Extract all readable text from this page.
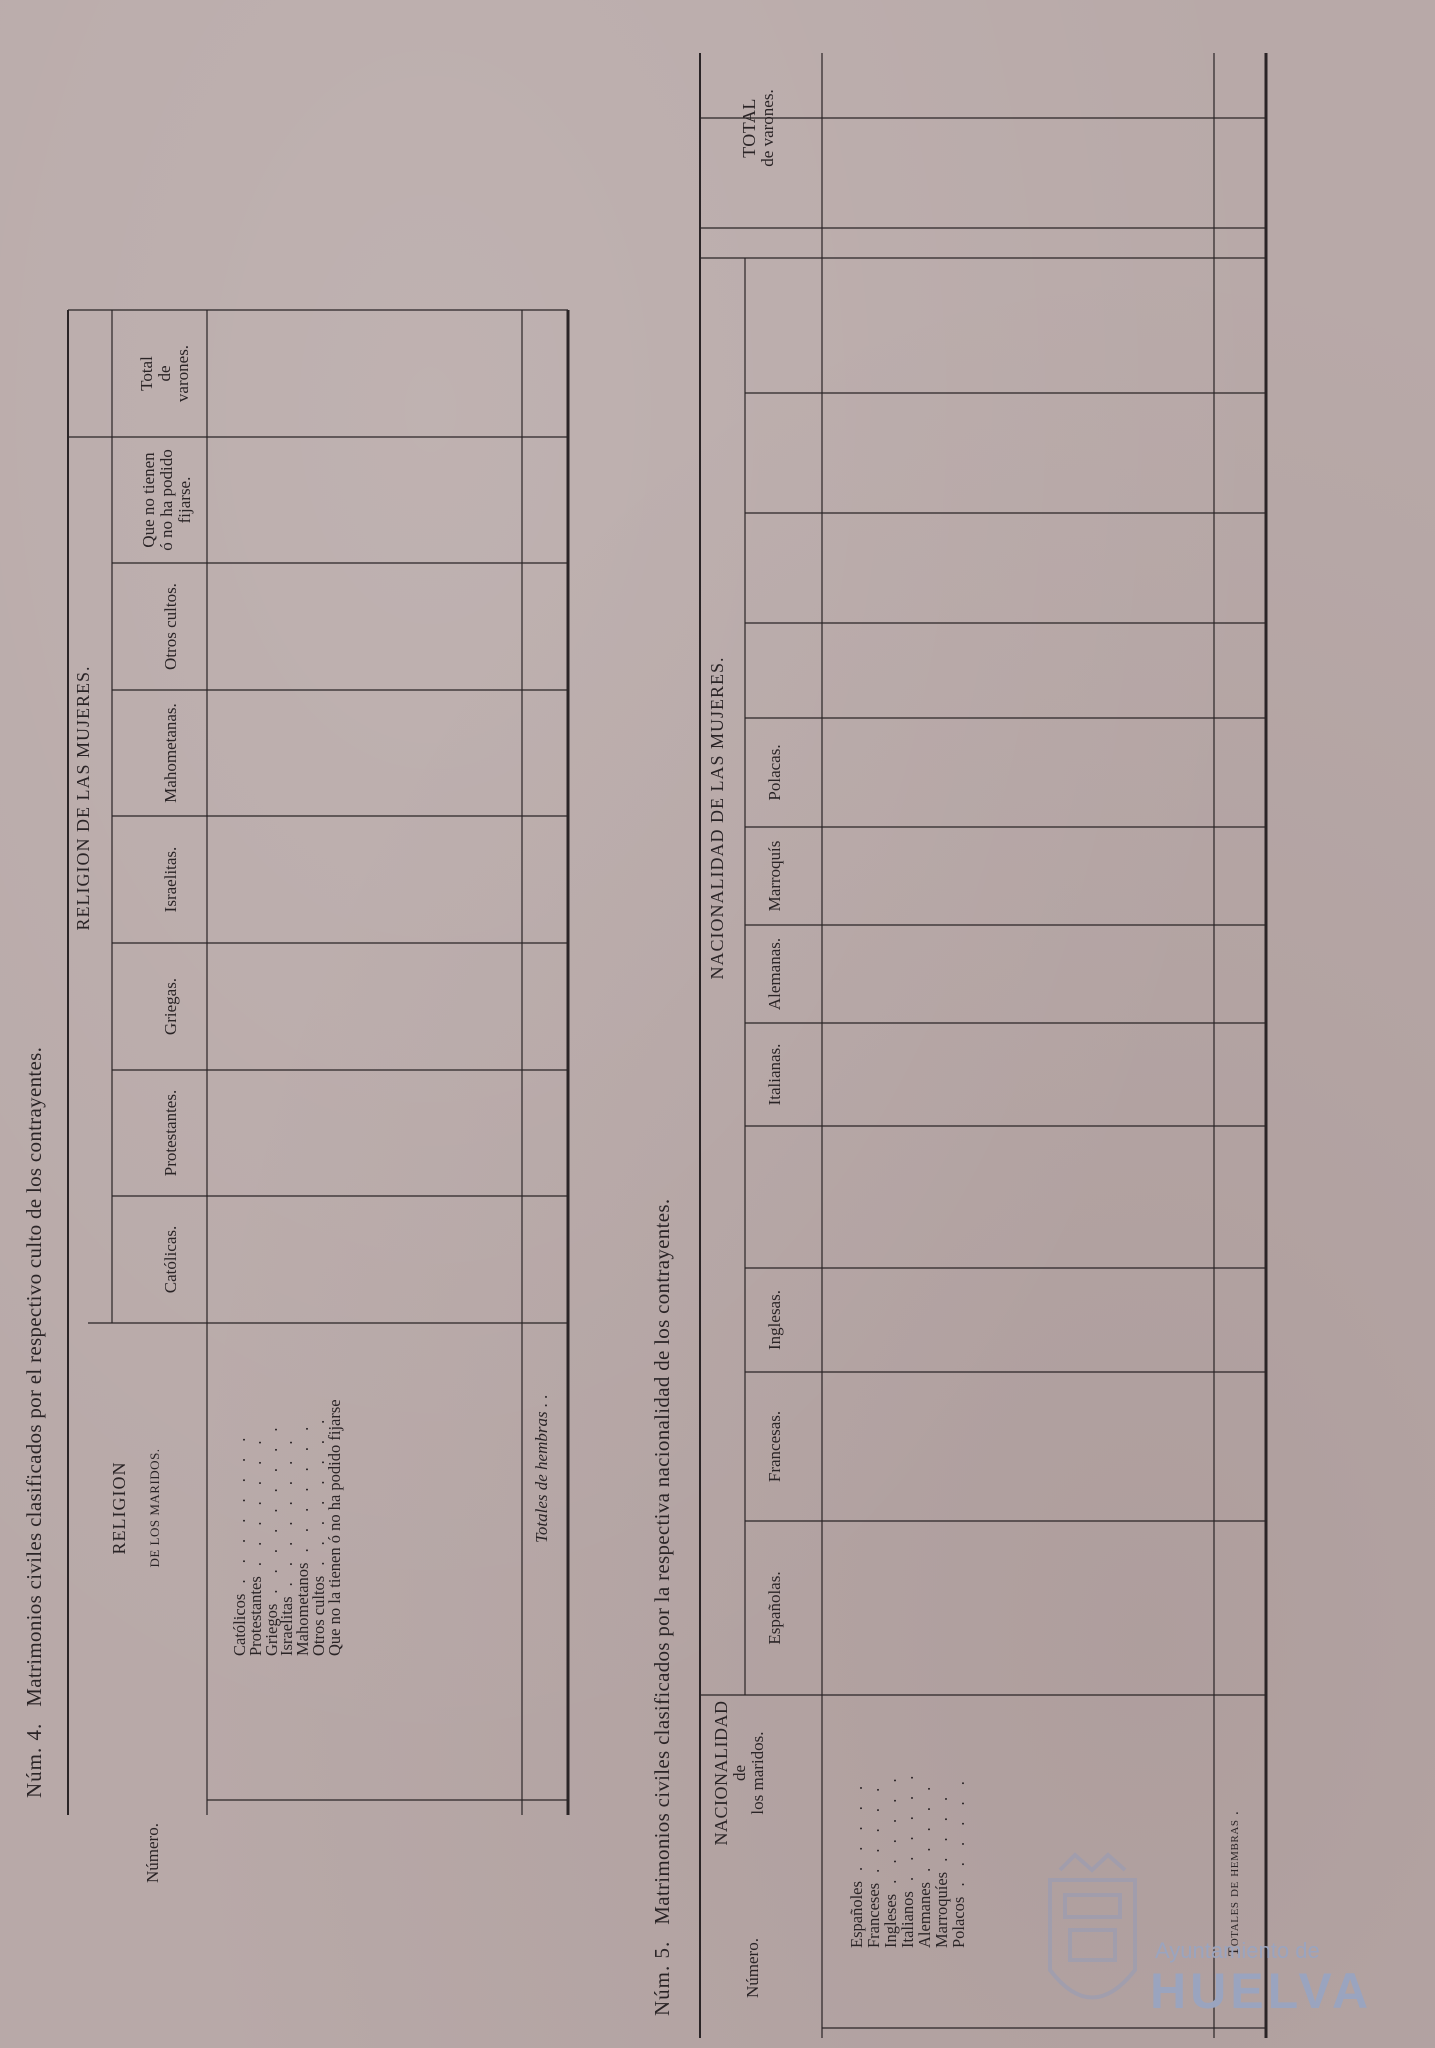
Núm. 4.Matrimonios civiles clasificados por el respectivo culto de los contrayentes.
Número.
RELIGION DE LOS MARIDOS.
RELIGION DE LAS MUJERES.
Católicas.
Protestantes.
Griegas.
Israelitas.
Mahometanas.
Otros cultos.
Que no tienen
ó no ha podido
fijarse.
Total
de
varones.
Católicos . . . . . . . .
Protestantes . . . . . . .
Griegos . . . . . . . . .
Israelitas . . . . . . . .
Mahometanos . . . . . . .
Otros cultos . . . . . . . .
Que no la tienen ó no ha podido fijarse	Totales de hembras . .
Núm. 5.Matrimonios civiles clasificados por la respectiva nacionalidad de los contrayentes.
Número.
NACIONALIDAD
de
los maridos.
NACIONALIDAD DE LAS MUJERES.
Españolas.
Francesas.
Inglesas.
Italianas.
Alemanas.
Marroquís
Polacas.
TOTAL
de varones.
Españoles . . . . .
Franceses . . . . .
Ingleses . . . . . .
Italianos . . . . . .
Alemanes . . . . .
Marroquíes . . . .
Polacos . . . . . .	Totales de hembras .
Ayuntamiento de
HUELVA
